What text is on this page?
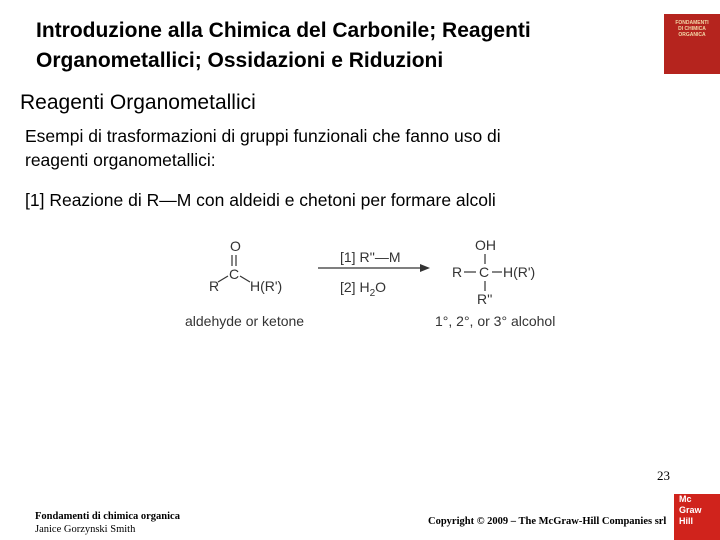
Introduzione alla Chimica del Carbonile; Reagenti
Organometallici; Ossidazioni e Riduzioni
FONDAMENTI
DI CHIMICA
ORGANICA
Reagenti Organometallici
Esempi di trasformazioni di gruppi funzionali che fanno uso di
reagenti organometallici:
[1] Reazione di R—M con aldeidi e chetoni per formare alcoli
O
C
R H(R')
aldehyde or ketone
[1] R''—M
[2] $H_2O$
OH
R C H(R')
R''
1°, 2°, or 3° alcohol
Fondamenti di chimica organica
Janice Gorzynski Smith
23
Copyright © 2009 – The McGraw-Hill Companies srl
Mc
Graw
Hill
